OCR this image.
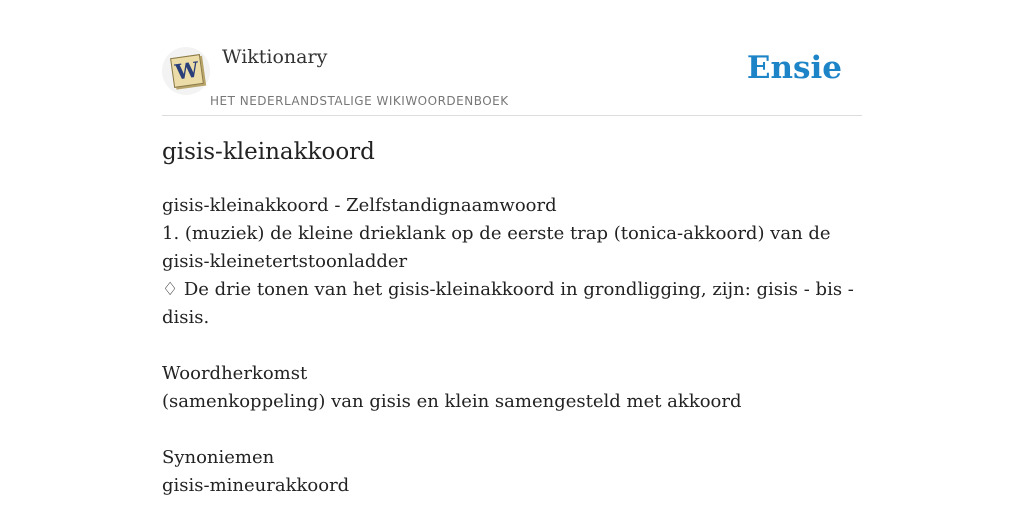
W Wiktionary
HET NEDERLANDSTALIGE WIKIWOORDENBOEK
Ensie
gisis-kleinakkoord

gisis-kleinakkoord - Zelfstandignaamwoord

1. (muziek) de kleine drieklank op de eerste trap (tonica-akkoord) van de gisis-kleinetertstoonladder

♢ De drie tonen van het gisis-kleinakkoord in grondligging, zijn: gisis - bis - disis.

Woordherkomst

(samenkoppeling) van gisis en klein samengesteld met akkoord

Synoniemen

gisis-mineurakkoord
